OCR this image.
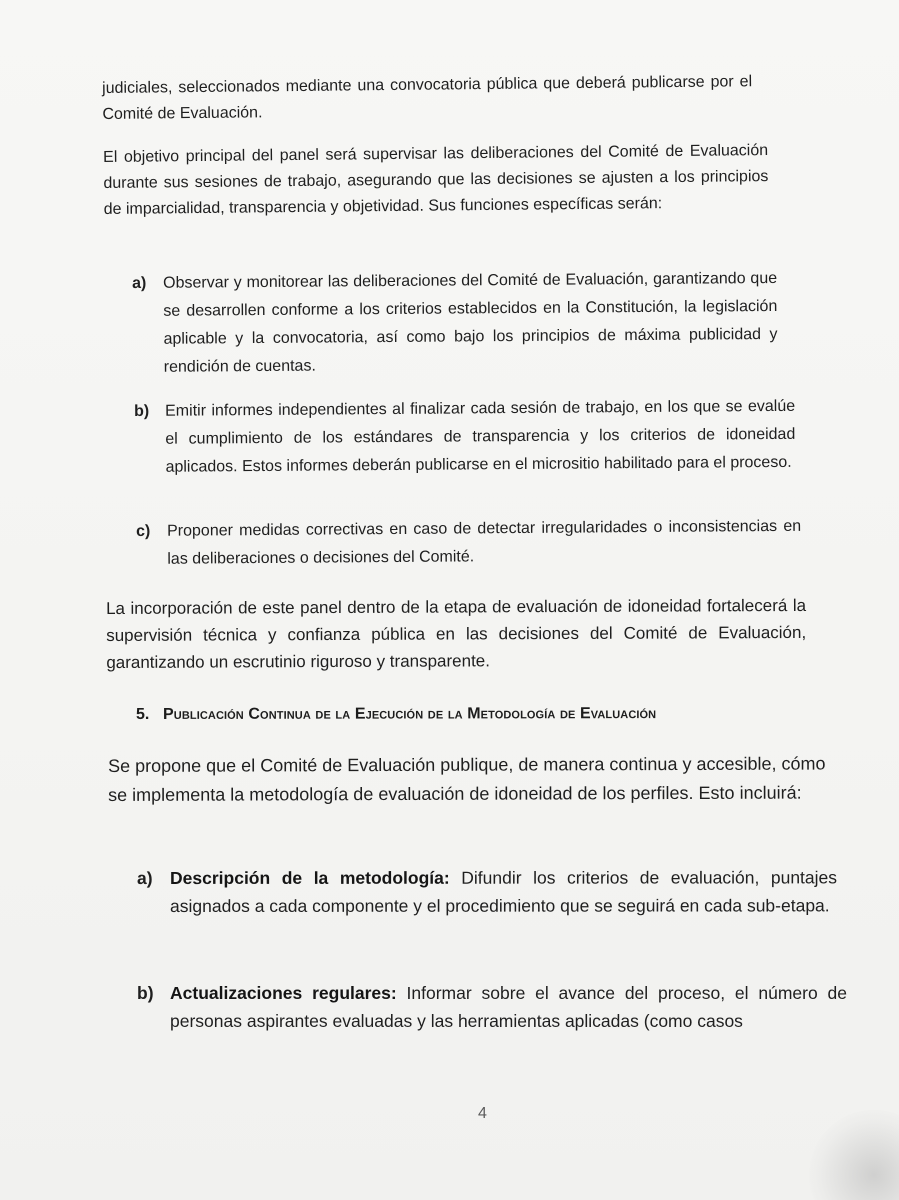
judiciales, seleccionados mediante una convocatoria pública que deberá publicarse por el Comité de Evaluación.

El objetivo principal del panel será supervisar las deliberaciones del Comité de Evaluación durante sus sesiones de trabajo, asegurando que las decisiones se ajusten a los principios de imparcialidad, transparencia y objetividad. Sus funciones específicas serán:

a)	Observar y monitorear las deliberaciones del Comité de Evaluación, garantizando que se desarrollen conforme a los criterios establecidos en la Constitución, la legislación aplicable y la convocatoria, así como bajo los principios de máxima publicidad y rendición de cuentas.
b) Emitir informes independientes al finalizar cada sesión de trabajo, en los que se evalúe el cumplimiento de los estándares de transparencia y los criterios de idoneidad aplicados. Estos informes deberán publicarse en el micrositio habilitado para el proceso.
c)	Proponer medidas correctivas en caso de detectar irregularidades o inconsistencias en las deliberaciones o decisiones del Comité.

La incorporación de este panel dentro de la etapa de evaluación de idoneidad fortalecerá la supervisión técnica y confianza pública en las decisiones del Comité de Evaluación, garantizando un escrutinio riguroso y transparente.

5. Publicación Continua de la Ejecución de la Metodología de Evaluación

Se propone que el Comité de Evaluación publique, de manera continua y accesible, cómo se implementa la metodología de evaluación de idoneidad de los perfiles. Esto incluirá:

a) Descripción de la metodología: Difundir los criterios de evaluación, puntajes asignados a cada componente y el procedimiento que se seguirá en cada sub-etapa.
b) Actualizaciones regulares: Informar sobre el avance del proceso, el número de personas aspirantes evaluadas y las herramientas aplicadas (como casos
4
